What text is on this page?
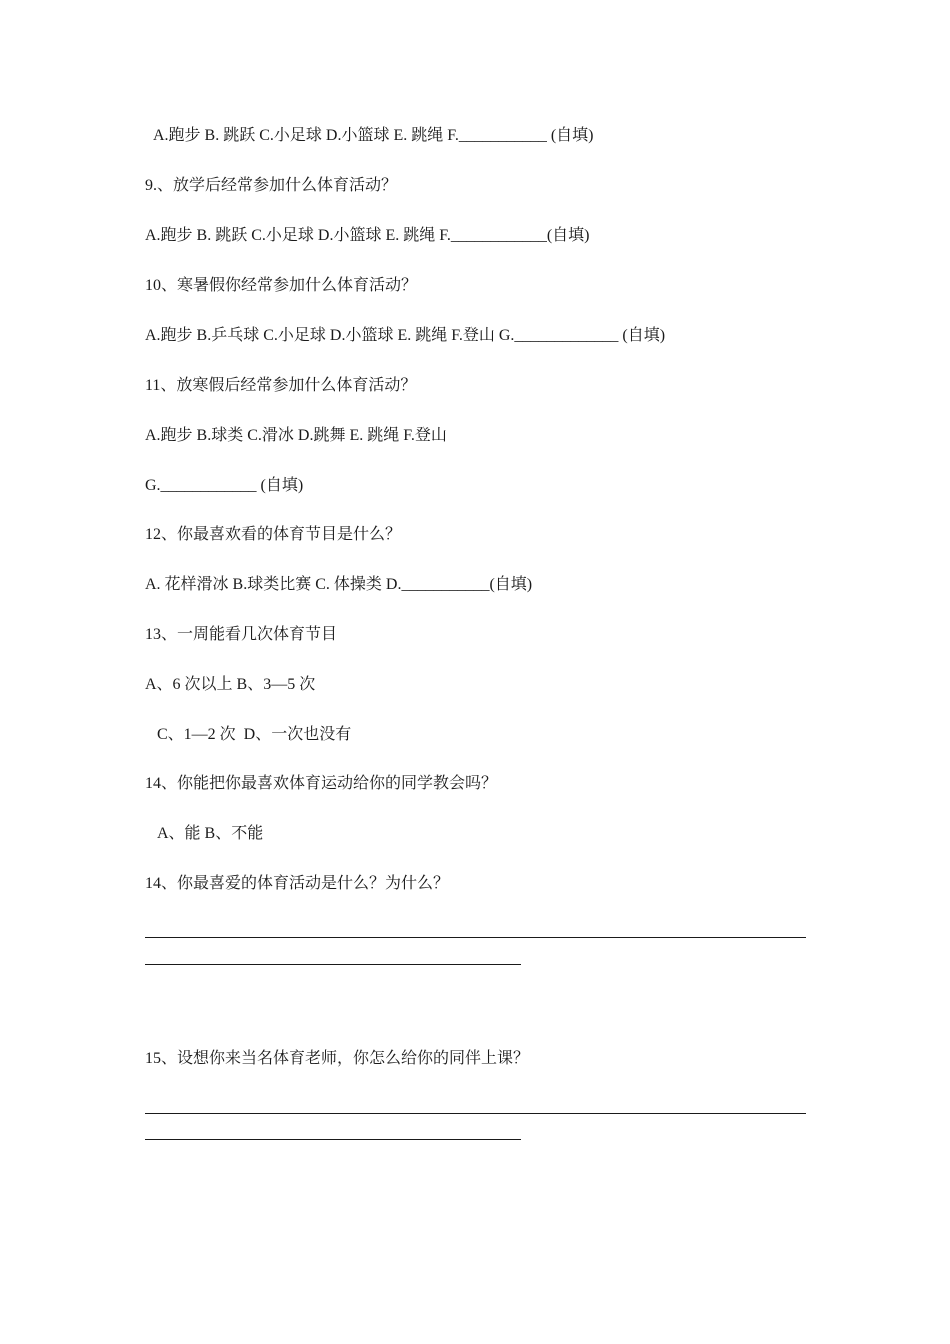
A.跑步 B. 跳跃 C.小足球 D.小篮球 E. 跳绳 F.___________ (自填)

9.、放学后经常参加什么体育活动？

A.跑步 B. 跳跃 C.小足球 D.小篮球 E. 跳绳 F.____________(自填)

10、寒暑假你经常参加什么体育活动？

A.跑步 B.乒乓球 C.小足球 D.小篮球 E. 跳绳 F.登山 G._____________ (自填)

11、放寒假后经常参加什么体育活动？

A.跑步 B.球类 C.滑冰 D.跳舞 E. 跳绳 F.登山

G.____________ (自填)

12、你最喜欢看的体育节目是什么？

A. 花样滑冰 B.球类比赛 C. 体操类 D.___________(自填)

13、一周能看几次体育节目

A、6 次以上 B、3—5 次

C、1—2 次  D、一次也没有

14、你能把你最喜欢体育运动给你的同学教会吗？

A、能 B、不能

14、你最喜爱的体育活动是什么？为什么？

15、设想你来当名体育老师，你怎么给你的同伴上课？
